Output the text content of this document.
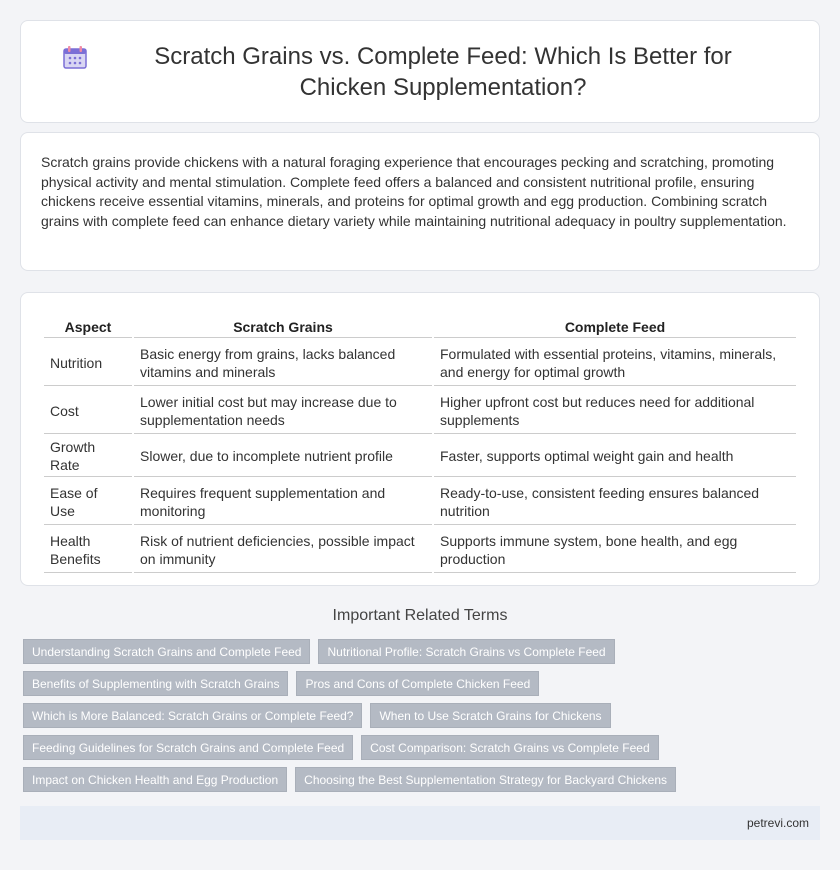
Scratch Grains vs. Complete Feed: Which Is Better for Chicken Supplementation?

Scratch grains provide chickens with a natural foraging experience that encourages pecking and scratching, promoting physical activity and mental stimulation. Complete feed offers a balanced and consistent nutritional profile, ensuring chickens receive essential vitamins, minerals, and proteins for optimal growth and egg production. Combining scratch grains with complete feed can enhance dietary variety while maintaining nutritional adequacy in poultry supplementation.

Aspect	Scratch Grains	Complete Feed
Nutrition	Basic energy from grains, lacks balanced vitamins and minerals	Formulated with essential proteins, vitamins, minerals, and energy for optimal growth
Cost	Lower initial cost but may increase due to supplementation needs	Higher upfront cost but reduces need for additional supplements
Growth Rate	Slower, due to incomplete nutrient profile	Faster, supports optimal weight gain and health
Ease of Use	Requires frequent supplementation and monitoring	Ready-to-use, consistent feeding ensures balanced nutrition
Health Benefits	Risk of nutrient deficiencies, possible impact on immunity	Supports immune system, bone health, and egg production
Important Related Terms
Understanding Scratch Grains and Complete Feed	Nutritional Profile: Scratch Grains vs Complete Feed
Benefits of Supplementing with Scratch Grains	Pros and Cons of Complete Chicken Feed
Which is More Balanced: Scratch Grains or Complete Feed?	When to Use Scratch Grains for Chickens
Feeding Guidelines for Scratch Grains and Complete Feed	Cost Comparison: Scratch Grains vs Complete Feed
Impact on Chicken Health and Egg Production	Choosing the Best Supplementation Strategy for Backyard Chickens
petrevi.com
